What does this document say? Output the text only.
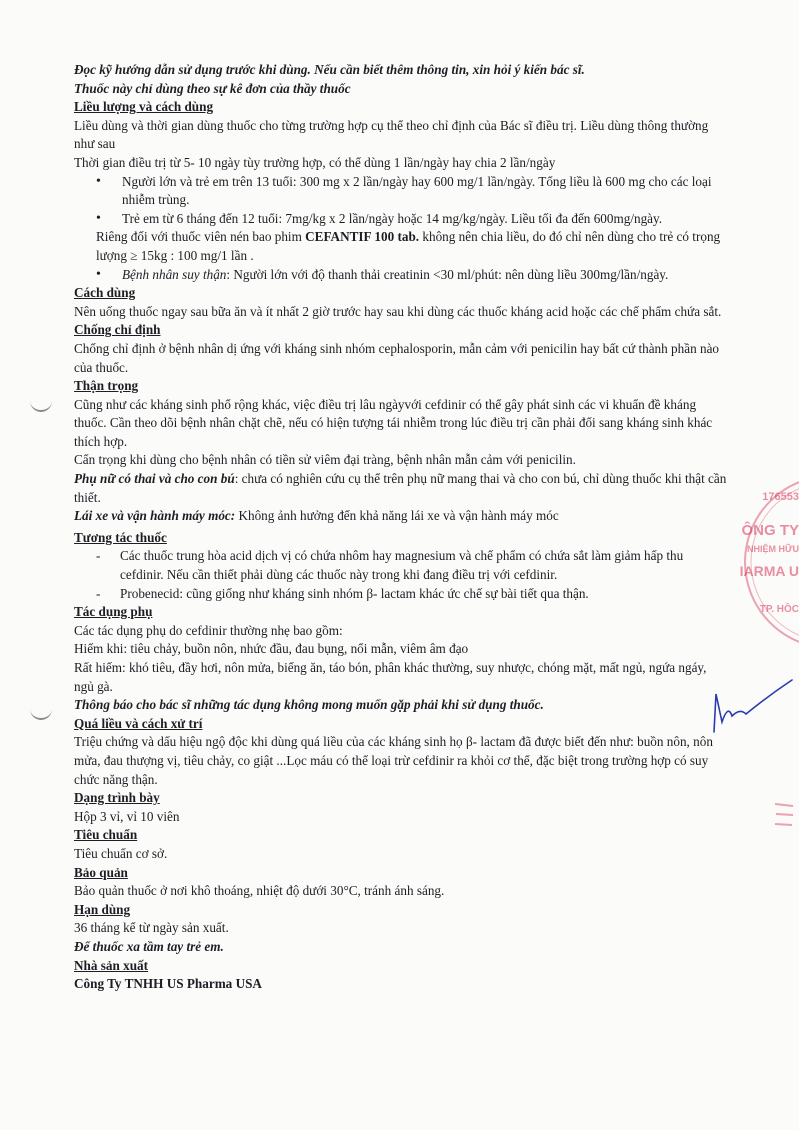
Đọc kỹ hướng dẫn sử dụng trước khi dùng. Nếu cần biết thêm thông tin, xin hỏi ý kiến bác sĩ.

Thuốc này chỉ dùng theo sự kê đơn của thầy thuốc

Liều lượng và cách dùng

Liều dùng và thời gian dùng thuốc cho từng trường hợp cụ thể theo chỉ định của Bác sĩ điều trị. Liều dùng thông thường như sau

Thời gian điều trị từ 5- 10 ngày tùy trường hợp, có thể dùng 1 lần/ngày hay chia 2 lần/ngày

• Người lớn và trẻ em trên 13 tuổi: 300 mg x 2 lần/ngày hay 600 mg/1 lần/ngày. Tổng liều là 600 mg cho các loại nhiễm trùng.
• Trẻ em từ 6 tháng đến 12 tuổi: 7mg/kg x 2 lần/ngày hoặc 14 mg/kg/ngày. Liều tối đa đến 600mg/ngày.

Riêng đối với thuốc viên nén bao phim CEFANTIF 100 tab. không nên chia liều, do đó chỉ nên dùng cho trẻ có trọng lượng ≥ 15kg : 100 mg/1 lần .

• Bệnh nhân suy thận: Người lớn với độ thanh thải creatinin <30 ml/phút: nên dùng liều 300mg/lần/ngày.
Cách dùng

Nên uống thuốc ngay sau bữa ăn và ít nhất 2 giờ trước hay sau khi dùng các thuốc kháng acid hoặc các chế phẩm chứa sắt.

Chống chỉ định

Chống chỉ định ở bệnh nhân dị ứng với kháng sinh nhóm cephalosporin, mẫn cảm với penicilin hay bất cứ thành phần nào của thuốc.

Thận trọng

Cũng như các kháng sinh phổ rộng khác, việc điều trị lâu ngàyvới cefdinir có thể gây phát sinh các vi khuẩn đề kháng thuốc. Cần theo dõi bệnh nhân chặt chẽ, nếu có hiện tượng tái nhiễm trong lúc điều trị cần phải đổi sang kháng sinh khác thích hợp.

Cẩn trọng khi dùng cho bệnh nhân có tiền sử viêm đại tràng, bệnh nhân mẫn cảm với penicilin.

Phụ nữ có thai và cho con bú: chưa có nghiên cứu cụ thể trên phụ nữ mang thai và cho con bú, chỉ dùng thuốc khi thật cần thiết.

Lái xe và vận hành máy móc: Không ảnh hưởng đến khả năng lái xe và vận hành máy móc

Tương tác thuốc
- Các thuốc trung hòa acid dịch vị có chứa nhôm hay magnesium và chế phẩm có chứa sắt làm giảm hấp thu cefdinir. Nếu cần thiết phải dùng các thuốc này trong khi đang điều trị với cefdinir.
- Probenecid: cũng giống như kháng sinh nhóm β- lactam khác ức chế sự bài tiết qua thận.
Tác dụng phụ

Các tác dụng phụ do cefdinir thường nhẹ bao gồm:

Hiếm khi: tiêu chảy, buồn nôn, nhức đầu, đau bụng, nổi mẫn, viêm âm đạo

Rất hiếm: khó tiêu, đầy hơi, nôn mửa, biếng ăn, táo bón, phân khác thường, suy nhược, chóng mặt, mất ngủ, ngứa ngáy, ngủ gà.

Thông báo cho bác sĩ những tác dụng không mong muốn gặp phải khi sử dụng thuốc.

Quá liều và cách xử trí

Triệu chứng và dấu hiệu ngộ độc khi dùng quá liều của các kháng sinh họ β- lactam đã được biết đến như: buồn nôn, nôn mửa, đau thượng vị, tiêu chảy, co giật ...Lọc máu có thể loại trừ cefdinir ra khỏi cơ thể, đặc biệt trong trường hợp có suy chức năng thận.

Dạng trình bày

Hộp 3 vỉ, vỉ 10 viên

Tiêu chuẩn

Tiêu chuẩn cơ sở.

Bảo quản

Bảo quản thuốc ở nơi khô thoáng, nhiệt độ dưới 30°C, tránh ánh sáng.

Hạn dùng

36 tháng kể từ ngày sản xuất.

Để thuốc xa tầm tay trẻ em.

Nhà sản xuất

Công Ty TNHH US Pharma USA

176553
ÔNG TY
NHIỆM HỮU
IARMA U
TP. HỒC
